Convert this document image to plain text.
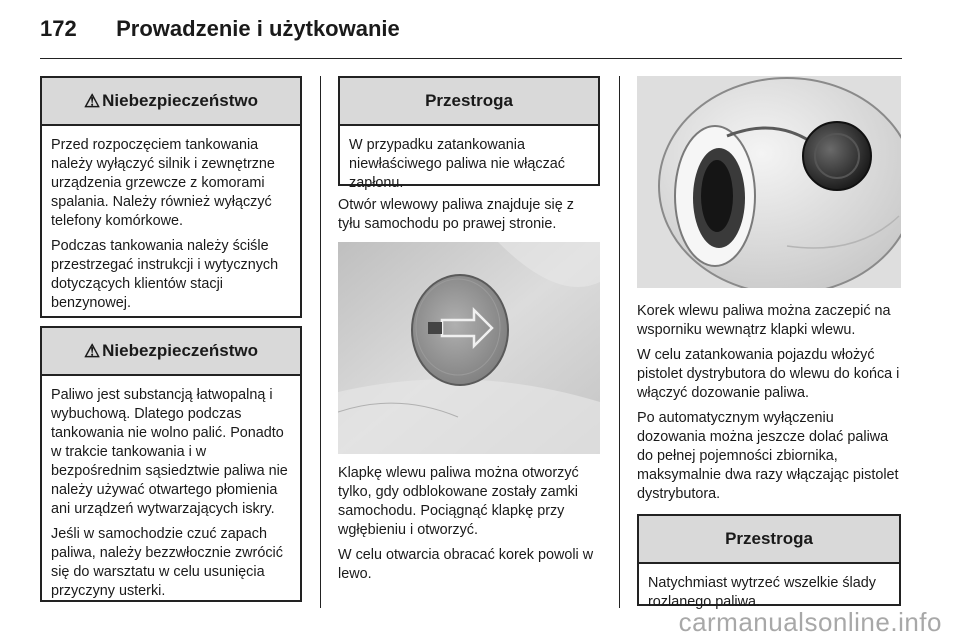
172 Prowadzenie i użytkowanie
⚠ Niebezpieczeństwo

Przed rozpoczęciem tankowania należy wyłączyć silnik i zewnętrzne urządzenia grzewcze z komorami spalania. Należy również wyłączyć telefony komórkowe.

Podczas tankowania należy ściśle przestrzegać instrukcji i wytycznych dotyczących klientów stacji benzynowej.

⚠ Niebezpieczeństwo

Paliwo jest substancją łatwopalną i wybuchową. Dlatego podczas tankowania nie wolno palić. Ponadto w trakcie tankowania i w bezpośrednim sąsiedztwie paliwa nie należy używać otwartego płomienia ani urządzeń wytwarzających iskry.

Jeśli w samochodzie czuć zapach paliwa, należy bezzwłocznie zwrócić się do warsztatu w celu usunięcia przyczyny usterki.

Przestroga

W przypadku zatankowania niewłaściwego paliwa nie włączać zapłonu.

Otwór wlewowy paliwa znajduje się z tyłu samochodu po prawej stronie.

Klapkę wlewu paliwa można otworzyć tylko, gdy odblokowane zostały zamki samochodu. Pociągnąć klapkę przy wgłębieniu i otworzyć.

W celu otwarcia obracać korek powoli w lewo.

Korek wlewu paliwa można zaczepić na wsporniku wewnątrz klapki wlewu.

W celu zatankowania pojazdu włożyć pistolet dystrybutora do wlewu do końca i włączyć dozowanie paliwa.

Po automatycznym wyłączeniu dozowania można jeszcze dolać paliwa do pełnej pojemności zbiornika, maksymalnie dwa razy włączając pistolet dystrybutora.

Przestroga

Natychmiast wytrzeć wszelkie ślady rozlanego paliwa.

carmanualsonline.info
